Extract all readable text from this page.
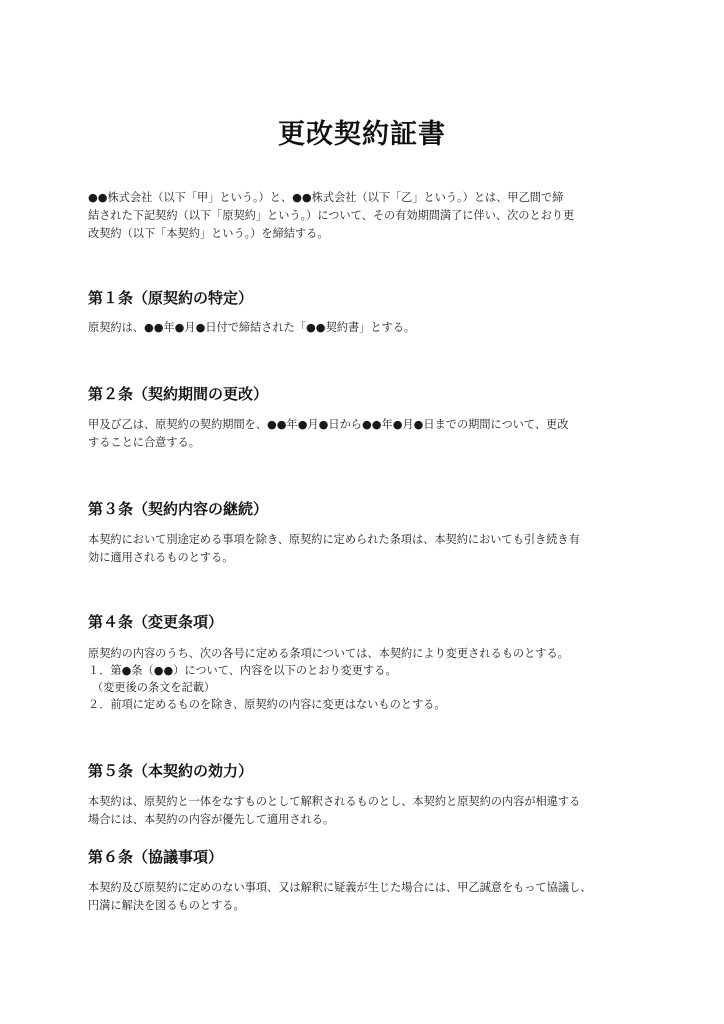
更改契約証書
●●株式会社（以下「甲」という。）と、●●株式会社（以下「乙」という。）とは、甲乙間で締
結された下記契約（以下「原契約」という。）について、その有効期間満了に伴い、次のとおり更
改契約（以下「本契約」という。）を締結する。
第１条（原契約の特定）
原契約は、●●年●月●日付で締結された「●●契約書」とする。
第２条（契約期間の更改）
甲及び乙は、原契約の契約期間を、●●年●月●日から●●年●月●日までの期間について、更改
することに合意する。
第３条（契約内容の継続）
本契約において別途定める事項を除き、原契約に定められた条項は、本契約においても引き続き有
効に適用されるものとする。
第４条（変更条項）
原契約の内容のうち、次の各号に定める条項については、本契約により変更されるものとする。
１．第●条（●●）について、内容を以下のとおり変更する。
（変更後の条文を記載）
２．前項に定めるものを除き、原契約の内容に変更はないものとする。
第５条（本契約の効力）
本契約は、原契約と一体をなすものとして解釈されるものとし、本契約と原契約の内容が相違する
場合には、本契約の内容が優先して適用される。
第６条（協議事項）
本契約及び原契約に定めのない事項、又は解釈に疑義が生じた場合には、甲乙誠意をもって協議し、
円満に解決を図るものとする。
